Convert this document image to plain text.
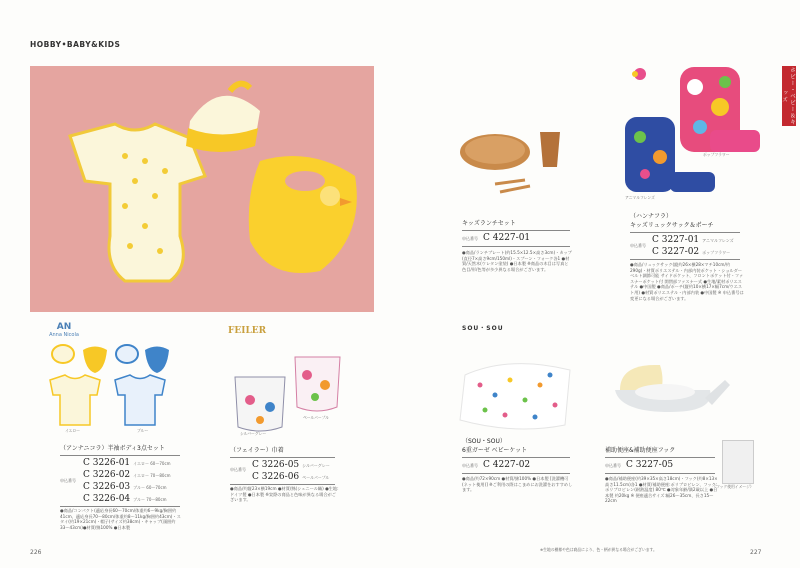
HOBBY•BABY&KIDS
ホビー・ベビー＆キッズ
キッズランチセット
申込番号 C 4227-01
●商品/ランチプレート(約15.5×12.5×高さ3cm)・カップ(直径7×高さ9cm/150ml)・スプーン・フォーク各1 ●材質/天然木(ウレタン塗装) ●日本製 ※商品の木目は写真と色目/形/色等が多少異なる場合がございます。
ポップフラワー
アニマルフレンズ
（ハンナフラ）
キッズリュックサック＆ポーチ
申込番号
C 3227-01 アニマルフレンズ
C 3227-02 ポップフラワー
●商品/リュックサック(縦約26×横28×マチ10cm/約290g)・材質ポリエステル・内部内装ポケット・ショルダーベルト調節可能 サイドポケット、フロントポケット付・ファスナーポケット付 開閉部ファスナー式 ●生地/素材ポリエステル ●中国製 ●商品/ポーチ(縦約10×横17×幅7cm/ウエスト用) ●材質ポリエステル・内部内装 ●中国製 ※ 申込番号は変更になる場合がございます。
AN
Anna Nicola
イエロー	ブルー
（アンナニコラ）半袖ボディ3点セット
申込番号
C 3226-01 イエロー 60〜70cm
C 3226-02 イエロー 70〜80cm
C 3226-03 ブルー 60〜70cm
C 3226-04 ブルー 70〜80cm
●商品/コンパクト(適応身長60〜70cm/体重約6〜9kg/胸囲約41cm、適応身長70〜80cm/体重約8〜11kg/胸囲約43cm)・スタイ(約19×21cm)・帽子(サイズ約38cm)・キャップ(頭囲約33〜43cm)●材質/綿100% ●日本製
FEILER
ペールパープル
シルバーグレー
（フェイラー）巾着
申込番号 C 3226-05 シルバーグレー
C 3226-06 ペールパープル
●商品/約縦23×横19cm ●材質/綿(シェニール織) ●生地:ドイツ製 ●日本製 ※実際の商品と色味が異なる場合がございます。
SOU・SOU
（SOU・SOU）
6重ガーゼ ベビーケット
申込番号 C 4227-02
●商品/約72×90cm ●材質/綿100% ●日本製 [洗濯機可(ネット使用)] ※ご利用の際はこまめにお洗濯をおすすめします。
（フック使用イメージ）
補助便座&補助便座フック
申込番号 C 3227-05
●商品/補助便座(約39×35×高さ18cm)・フック(約8×13×高さ11.5cm)各1 ●材質/補助便座:ポリプロピレン、フック:ポリプロピレン(耐熱温度) 80℃ ●対象年齢/満2歳以上 ●日本製 約20kg ※ 便座適合サイズ:幅26〜35cm、長さ15〜22cm
226	227
※生地の模様や色は商品により、色・柄が異なる場合がございます。
